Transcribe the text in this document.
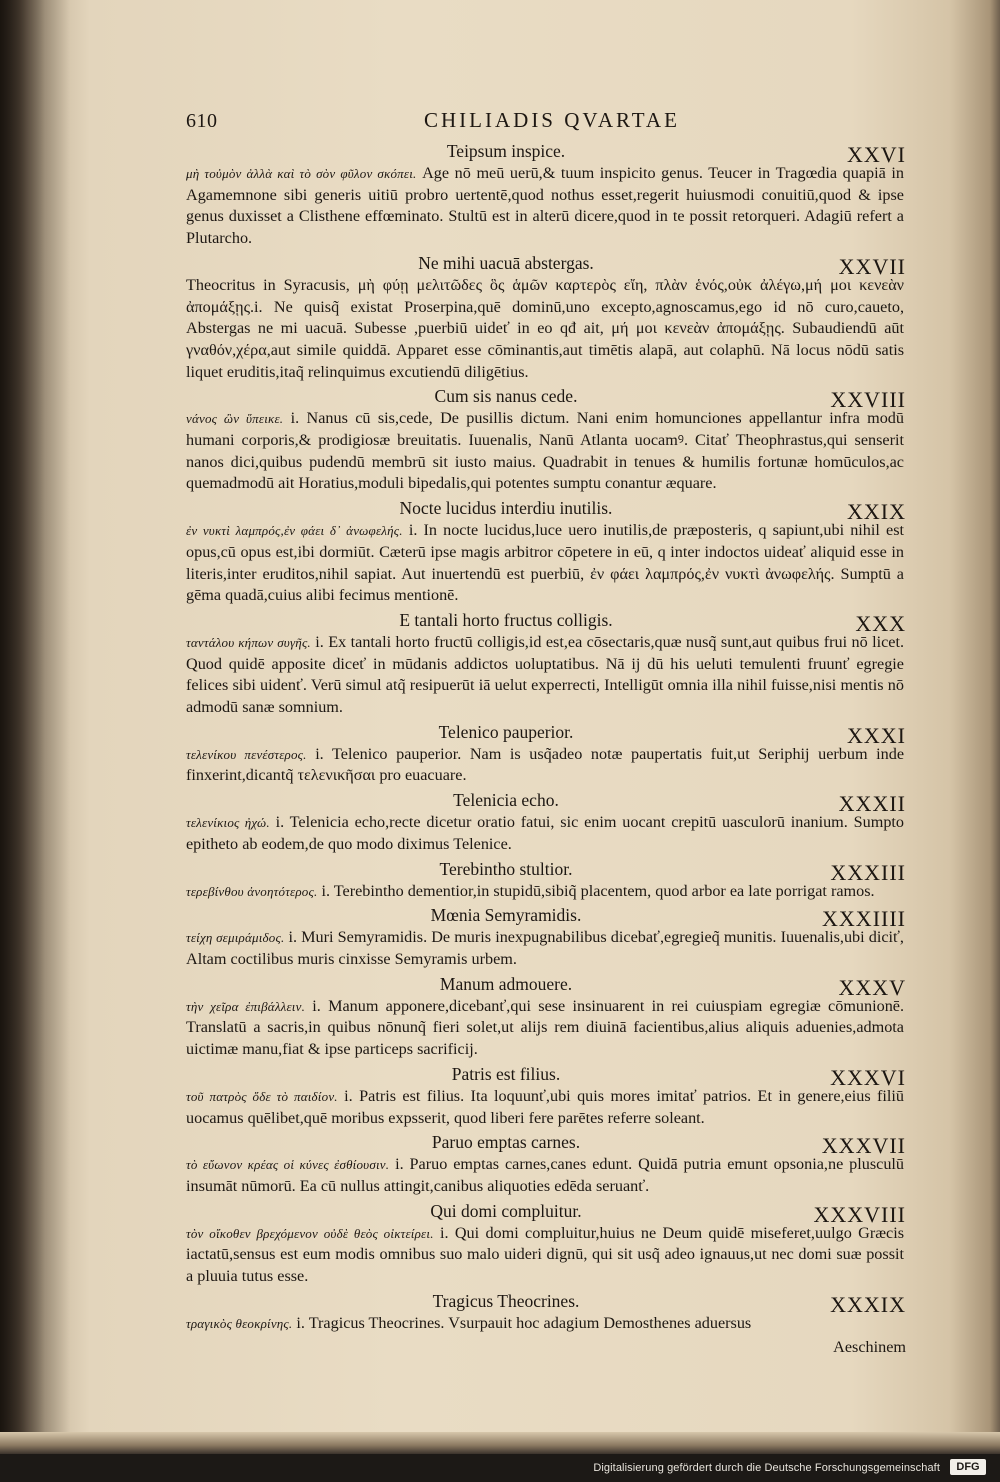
610	CHILIADIS QVARTAE
Teipsum inspice.	XXVI

μὴ τοὐμὸν ἀλλὰ καὶ τὸ σὸν φῦλον σκόπει. Age nō meū uerū,& tuum inspicito genus. Teucer in Tragœdia quapiā in Agamemnone sibi generis uitiū probro uertentē,quod nothus esset,regerit huiusmodi conuitiū,quod & ipse genus duxisset a Clisthene effœminato. Stultū est in alterū dicere,quod in te possit retorqueri. Adagiū refert a Plutarcho.

Ne mihi uacuā abstergas.	XXVII

Theocritus in Syracusis, μὴ φύῃ μελιτῶδες ὃς ἁμῶν καρτερὸς εἴη, πλὰν ἑνός,οὐκ ἀλέγω,μή μοι κενεὰν ἀπομάξῃς.i. Ne quisq̃ existat Proserpina,quē dominū,uno excepto,agnoscamus,ego id nō curo,caueto, Abstergas ne mi uacuā. Subesse ,puerbiū uideť in eo qđ ait, μή μοι κενεὰν ἀπομάξῃς. Subaudiendū aūt γναθόν,χέρα,aut simile quiddā. Apparet esse cōminantis,aut timētis alapā, aut colaphū. Nā locus nōdū satis liquet eruditis,itaq̃ relinquimus excutiendū diligētius.

Cum sis nanus cede.	XXVIII

νάνος ὢν ὕπεικε. i. Nanus cū sis,cede, De pusillis dictum. Nani enim homunciones appellantur infra modū humani corporis,& prodigiosæ breuitatis. Iuuenalis, Nanū Atlanta uocamꝰ. Citať Theophrastus,qui senserit nanos dici,quibus pudendū membrū sit iusto maius. Quadrabit in tenues & humilis fortunæ homūculos,ac quemadmodū ait Horatius,moduli bipedalis,qui potentes sumptu conantur æquare.

Nocte lucidus interdiu inutilis.	XXIX

ἐν νυκτὶ λαμπρός,ἐν φάει δ᾽ ἀνωφελής. i. In nocte lucidus,luce uero inutilis,de præposteris, q sapiunt,ubi nihil est opus,cū opus est,ibi dormiūt. Cæterū ipse magis arbitror cōpetere in eū, q inter indoctos uideať aliquid esse in literis,inter eruditos,nihil sapiat. Aut inuertendū est puerbiū, ἐν φάει λαμπρός,ἐν νυκτὶ ἀνωφελής. Sumptū a gēma quadā,cuius alibi fecimus mentionē.

E tantali horto fructus colligis.	XXX

ταντάλου κήπων συγῆς. i. Ex tantali horto fructū colligis,id est,ea cōsectaris,quæ nusq̃ sunt,aut quibus frui nō licet. Quod quidē apposite diceť in mūdanis addictos uoluptatibus. Nā ij dū his ueluti temulenti fruunť egregie felices sibi uidenť. Verū simul atq̃ resipuerūt iā uelut experrecti, Intelligūt omnia illa nihil fuisse,nisi mentis nō admodū sanæ somnium.

Telenico pauperior.	XXXI

τελενίκου πενέστερος. i. Telenico pauperior. Nam is usq̃adeo notæ paupertatis fuit,ut Seriphij uerbum inde finxerint,dicantq̃ τελενικῆσαι pro euacuare.

Telenicia echo.	XXXII

τελενίκιος ἠχώ. i. Telenicia echo,recte dicetur oratio fatui, sic enim uocant crepitū uasculorū inanium. Sumpto epitheto ab eodem,de quo modo diximus Telenice.

Terebintho stultior.	XXXIII

τερεβίνθου ἀνοητότερος. i. Terebintho dementior,in stupidū,sibiq̃ placentem, quod arbor ea late porrigat ramos.

Mœnia Semyramidis.	XXXIIII

τείχη σεμιράμιδος. i. Muri Semyramidis. De muris inexpugnabilibus dicebať,egregieq̃ munitis. Iuuenalis,ubi diciť, Altam coctilibus muris cinxisse Semyramis urbem.

Manum admouere.	XXXV

τὴν χεῖρα ἐπιβάλλειν. i. Manum apponere,dicebanť,qui sese insinuarent in rei cuiuspiam egregiæ cōmunionē. Translatū a sacris,in quibus nōnunq̃ fieri solet,ut alijs rem diuinā facientibus,alius aliquis aduenies,admota uictimæ manu,fiat & ipse particeps sacrificij.

Patris est filius.	XXXVI

τοῦ πατρὸς ὅδε τὸ παιδίον. i. Patris est filius. Ita loquunť,ubi quis mores imitať patrios. Et in genere,eius filiū uocamus quēlibet,quē moribus expsserit, quod liberi fere parētes referre soleant.

Paruo emptas carnes.	XXXVII

τὸ εὔωνον κρέας οἱ κύνες ἐσθίουσιν. i. Paruo emptas carnes,canes edunt. Quidā putria emunt opsonia,ne plusculū insumāt nūmorū. Ea cū nullus attingit,canibus aliquoties edēda seruanť.

Qui domi compluitur.	XXXVIII

τὸν οἴκοθεν βρεχόμενον οὐδὲ θεὸς οἰκτείρει. i. Qui domi compluitur,huius ne Deum quidē miseferet,uulgo Græcis iactatū,sensus est eum modis omnibus suo malo uideri dignū, qui sit usq̃ adeo ignauus,ut nec domi suæ possit a pluuia tutus esse.

Tragicus Theocrines.	XXXIX

τραγικὸς θεοκρίνης. i. Tragicus Theocrines. Vsurpauit hoc adagium Demosthenes aduersus

Aeschinem
Digitalisierung gefördert durch die Deutsche Forschungsgemeinschaft	DFG
